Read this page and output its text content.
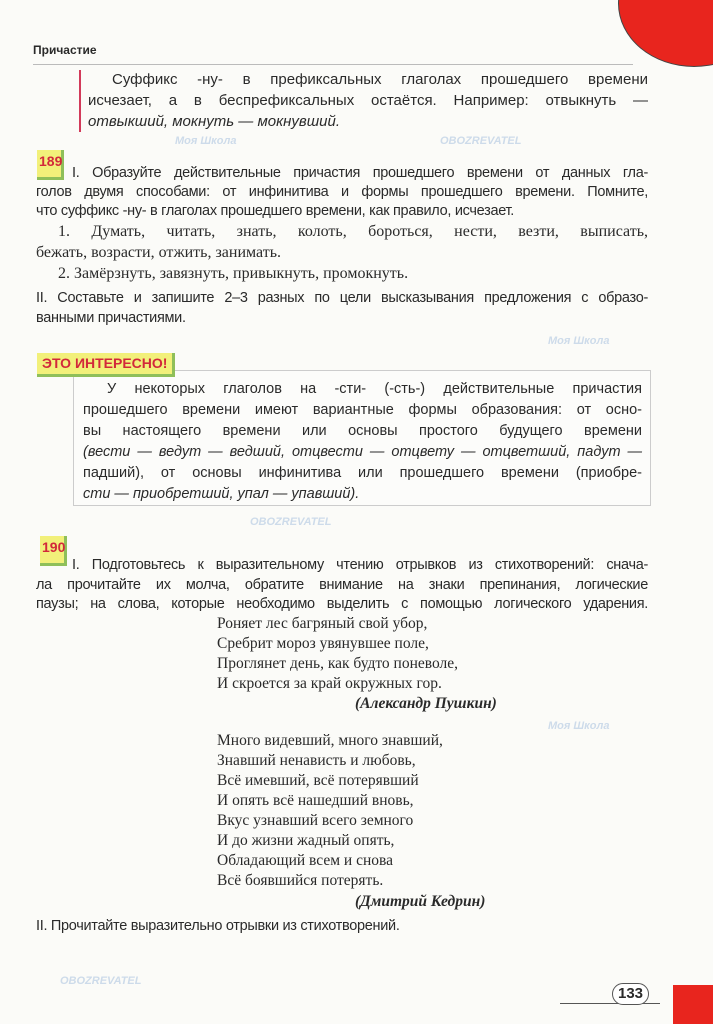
Причастие
Суффикс -ну- в префиксальных глаголах прошедшего времени
исчезает, а в беспрефиксальных остаётся. Например: отвыкнуть —
отвыкший, мокнуть — мокнувший.
189
I. Образуйте действительные причастия прошедшего времени от данных гла-
голов двумя способами: от инфинитива и формы прошедшего времени. Помните,
что суффикс -ну- в глаголах прошедшего времени, как правило, исчезает.
1. Думать, читать, знать, колоть, бороться, нести, везти, выписать,
бежать, возрасти, отжить, занимать.
2. Замёрзнуть, завязнуть, привыкнуть, промокнуть.
II. Составьте и запишите 2–3 разных по цели высказывания предложения с образо-
ванными причастиями.
ЭТО ИНТЕРЕСНО!
У некоторых глаголов на -сти- (-сть-) действительные причастия
прошедшего времени имеют вариантные формы образования: от осно-
вы настоящего времени или основы простого будущего времени
(вести — ведут — ведший, отцвести — отцвету — отцветший, падут —
падший), от основы инфинитива или прошедшего времени (приобре-
сти — приобретший, упал — упавший).
190
I. Подготовьтесь к выразительному чтению отрывков из стихотворений: снача-
ла прочитайте их молча, обратите внимание на знаки препинания, логические
паузы; на слова, которые необходимо выделить с помощью логического ударения.
Роняет лес багряный свой убор,
Сребрит мороз увянувшее поле,
Проглянет день, как будто поневоле,
И скроется за край окружных гор.
(Александр Пушкин)
Много видевший, много знавший,
Знавший ненависть и любовь,
Всё имевший, всё потерявший
И опять всё нашедший вновь,
Вкус узнавший всего земного
И до жизни жадный опять,
Обладающий всем и снова
Всё боявшийся потерять.
(Дмитрий Кедрин)
II. Прочитайте выразительно отрывки из стихотворений.
133
Моя Школа	OBOZREVATEL
Моя Школа
OBOZREVATEL
Моя Школа
OBOZREVATEL
